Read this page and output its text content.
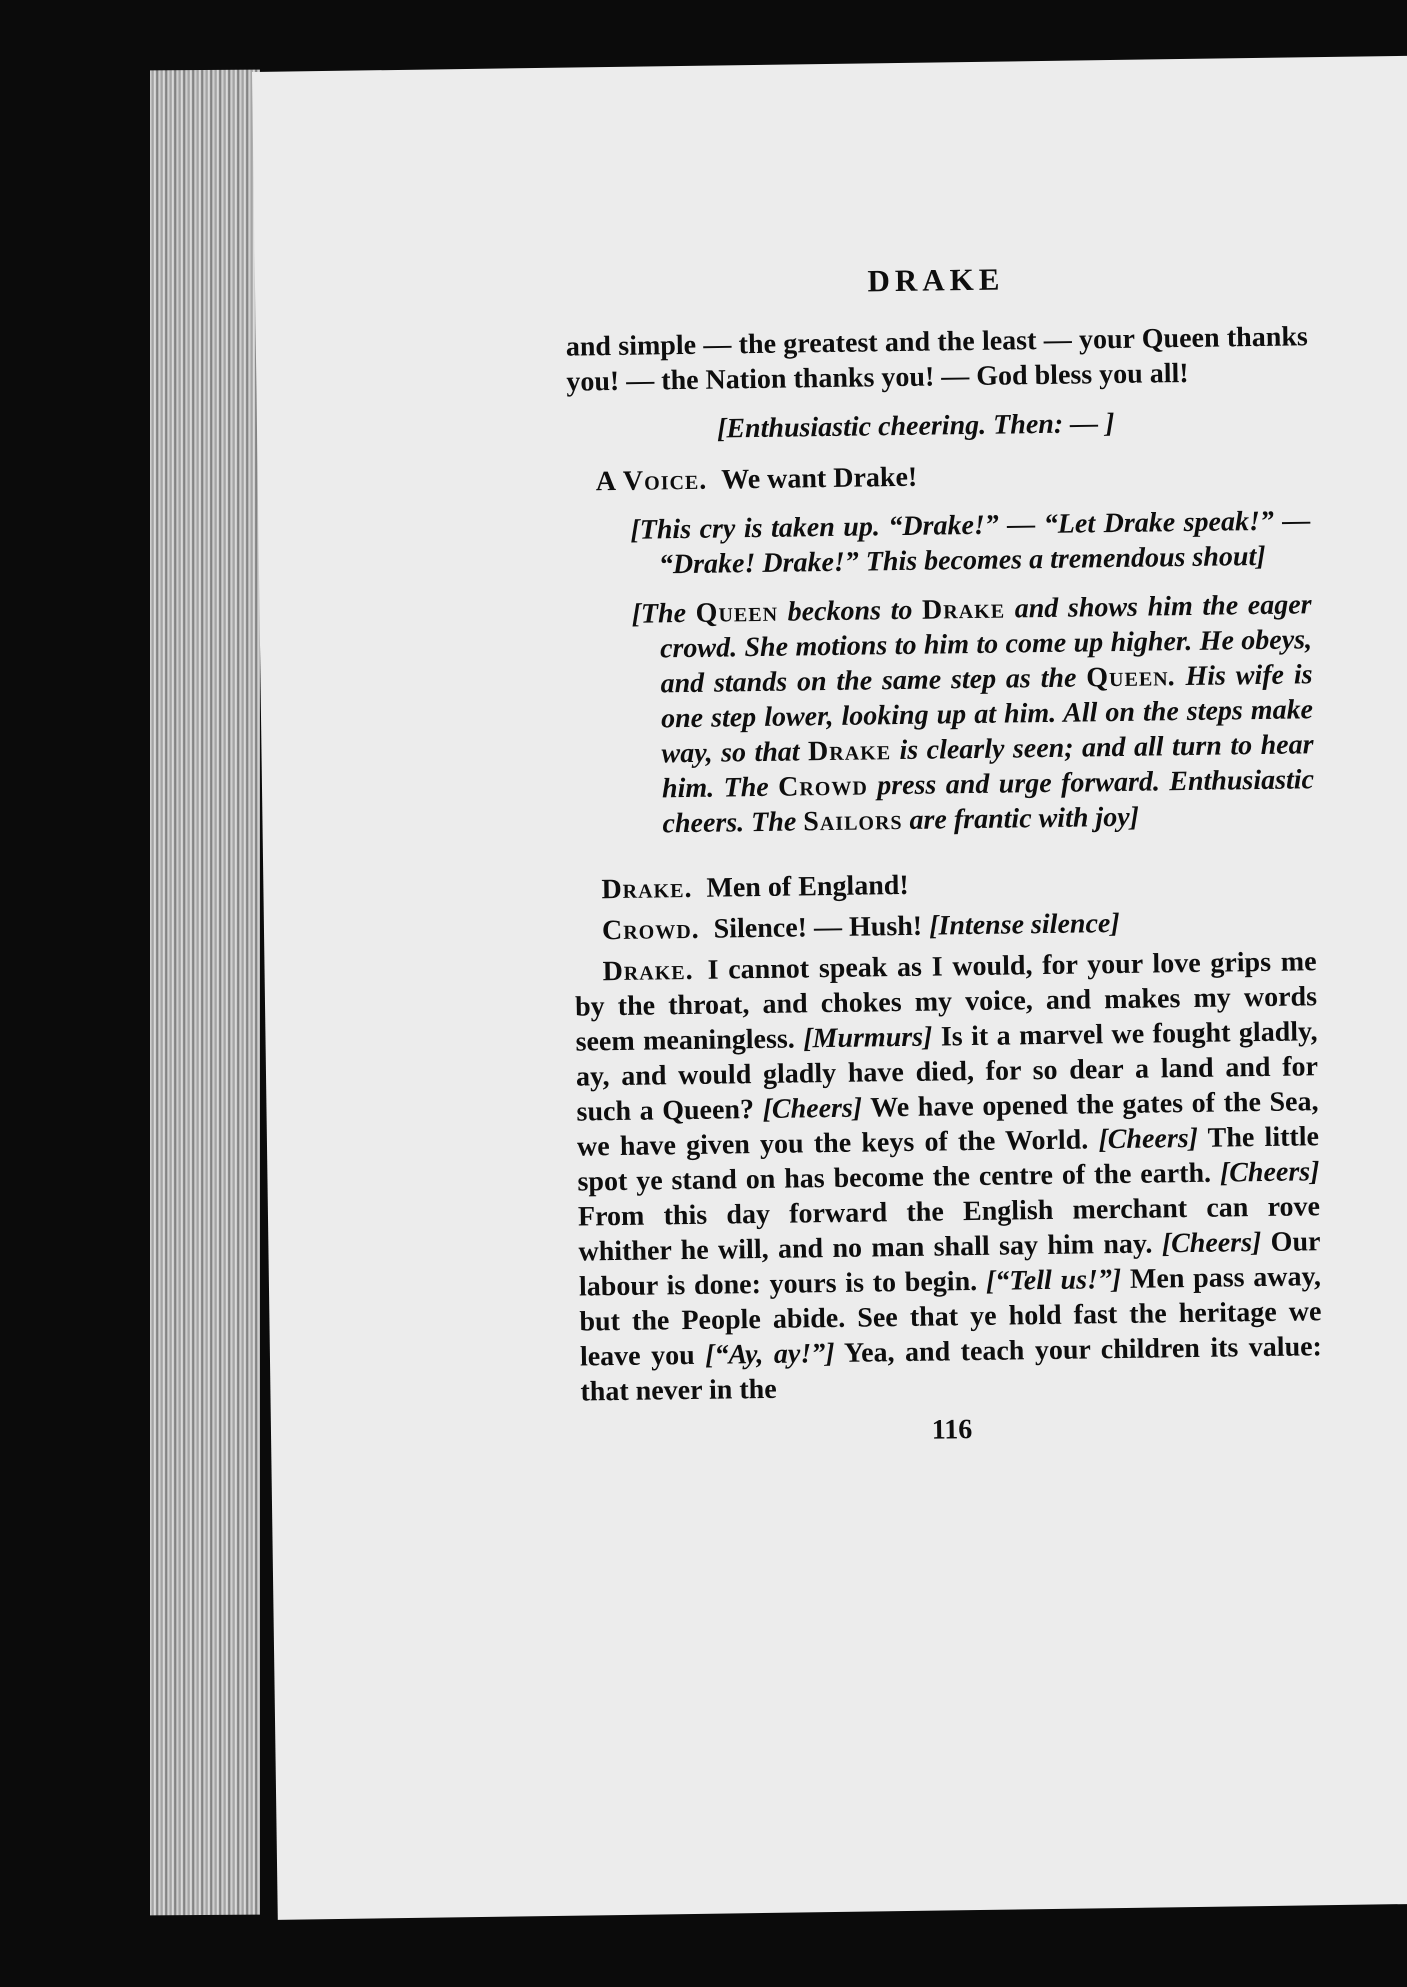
DRAKE

and simple — the greatest and the least — your Queen thanks you! — the Nation thanks you! — God bless you all!

[Enthusiastic cheering. Then: — ]

A Voice. We want Drake!

[This cry is taken up. “Drake!” — “Let Drake speak!” — “Drake! Drake!” This becomes a tremendous shout]

[The Queen beckons to Drake and shows him the eager crowd. She motions to him to come up higher. He obeys, and stands on the same step as the Queen. His wife is one step lower, looking up at him. All on the steps make way, so that Drake is clearly seen; and all turn to hear him. The Crowd press and urge forward. Enthusiastic cheers. The Sailors are frantic with joy]

Drake. Men of England!

Crowd. Silence! — Hush! [Intense silence]

Drake. I cannot speak as I would, for your love grips me by the throat, and chokes my voice, and makes my words seem meaningless. [Murmurs] Is it a marvel we fought gladly, ay, and would gladly have died, for so dear a land and for such a Queen? [Cheers] We have opened the gates of the Sea, we have given you the keys of the World. [Cheers] The little spot ye stand on has become the centre of the earth. [Cheers] From this day forward the English merchant can rove whither he will, and no man shall say him nay. [Cheers] Our labour is done: yours is to begin. [“Tell us!”] Men pass away, but the People abide. See that ye hold fast the heritage we leave you [“Ay, ay!”] Yea, and teach your children its value: that never in the

116
